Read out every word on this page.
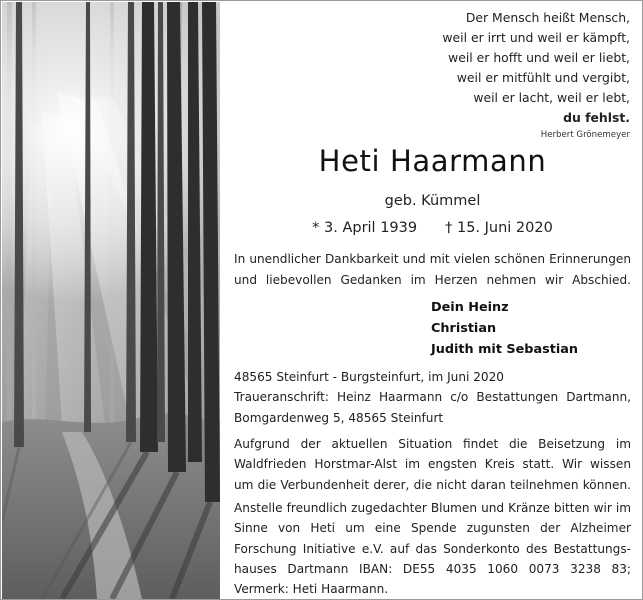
Der Mensch heißt Mensch,
weil er irrt und weil er kämpft,
weil er hofft und weil er liebt,
weil er mitfühlt und vergibt,
weil er lacht, weil er lebt,
du fehlst.
Herbert Grönemeyer
Heti Haarmann
geb. Kümmel
* 3. April 1939 † 15. Juni 2020
In unendlicher Dankbarkeit und mit vielen schönen Erinnerungen
und liebevollen Gedanken im Herzen nehmen wir Abschied.
Dein Heinz
Christian
Judith mit Sebastian
48565 Steinfurt - Burgsteinfurt, im Juni 2020
Traueranschrift: Heinz Haarmann c/o Bestattungen Dartmann,
Bomgardenweg 5, 48565 Steinfurt
Aufgrund der aktuellen Situation findet die Beisetzung im
Waldfrieden Horstmar-Alst im engsten Kreis statt. Wir wissen
um die Verbundenheit derer, die nicht daran teilnehmen können.
Anstelle freundlich zugedachter Blumen und Kränze bitten wir im
Sinne von Heti um eine Spende zugunsten der Alzheimer
Forschung Initiative e.V. auf das Sonderkonto des Bestattungs-
hauses Dartmann IBAN: DE55 4035 1060 0073 3238 83;
Vermerk: Heti Haarmann.
